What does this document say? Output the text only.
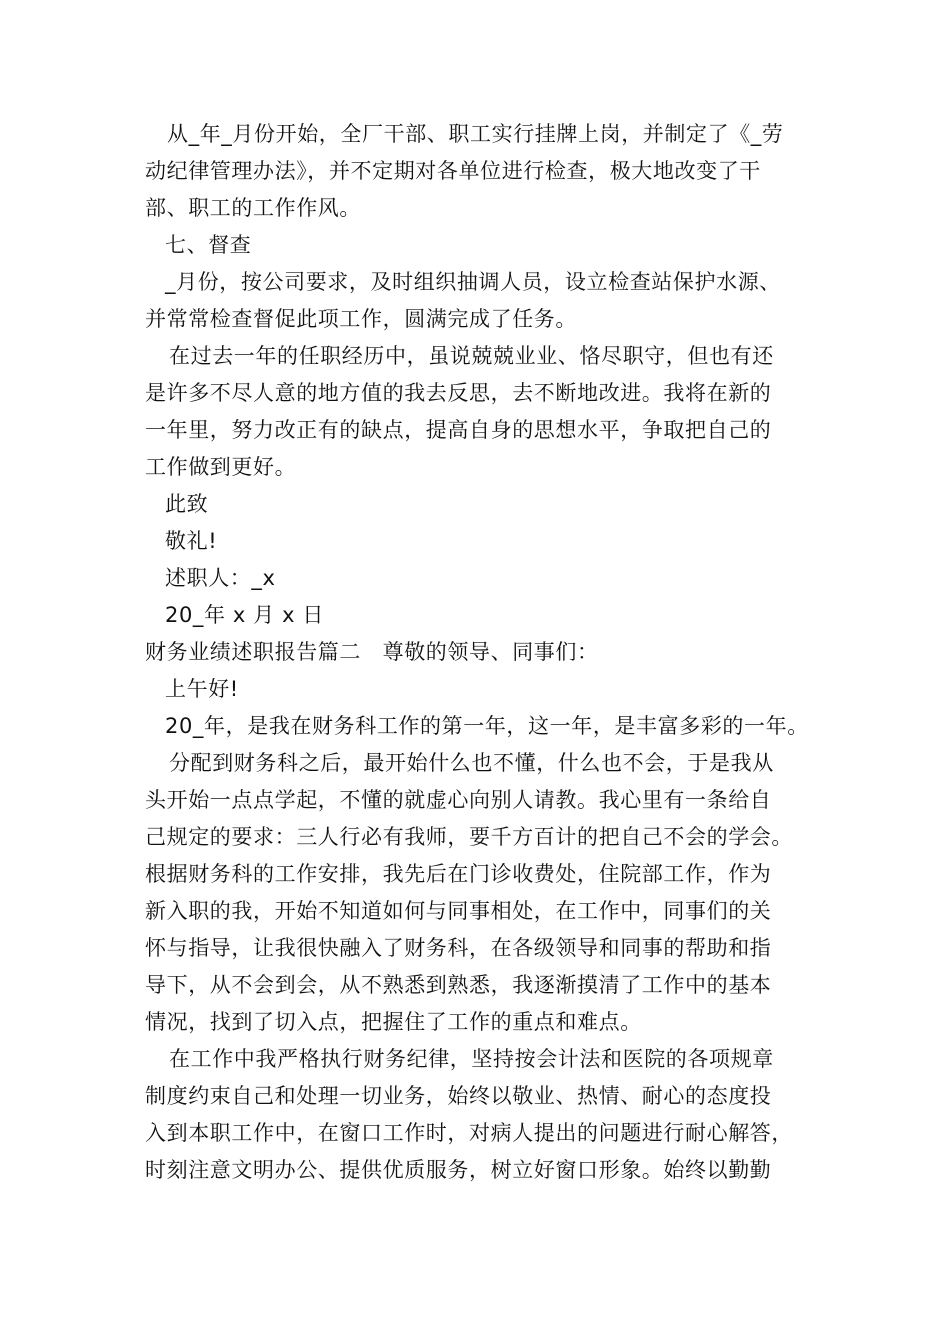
从_年_月份开始，全厂干部、职工实行挂牌上岗，并制定了《_劳
动纪律管理办法》，并不定期对各单位进行检查，极大地改变了干
部、职工的工作作风。
七、督查
_月份，按公司要求，及时组织抽调人员，设立检查站保护水源、
并常常检查督促此项工作，圆满完成了任务。
在过去一年的任职经历中，虽说兢兢业业、恪尽职守，但也有还
是许多不尽人意的地方值的我去反思，去不断地改进。我将在新的
一年里，努力改正有的缺点，提高自身的思想水平，争取把自己的
工作做到更好。
此致
敬礼!
述职人：_x
20_年 x 月 x 日
财务业绩述职报告篇二　尊敬的领导、同事们：
上午好!
20_年，是我在财务科工作的第一年，这一年，是丰富多彩的一年。
分配到财务科之后，最开始什么也不懂，什么也不会，于是我从
头开始一点点学起，不懂的就虚心向别人请教。我心里有一条给自
己规定的要求：三人行必有我师，要千方百计的把自己不会的学会。
根据财务科的工作安排，我先后在门诊收费处，住院部工作，作为
新入职的我，开始不知道如何与同事相处，在工作中，同事们的关
怀与指导，让我很快融入了财务科，在各级领导和同事的帮助和指
导下，从不会到会，从不熟悉到熟悉，我逐渐摸清了工作中的基本
情况，找到了切入点，把握住了工作的重点和难点。
在工作中我严格执行财务纪律，坚持按会计法和医院的各项规章
制度约束自己和处理一切业务，始终以敬业、热情、耐心的态度投
入到本职工作中，在窗口工作时，对病人提出的问题进行耐心解答，
时刻注意文明办公、提供优质服务，树立好窗口形象。始终以勤勤
